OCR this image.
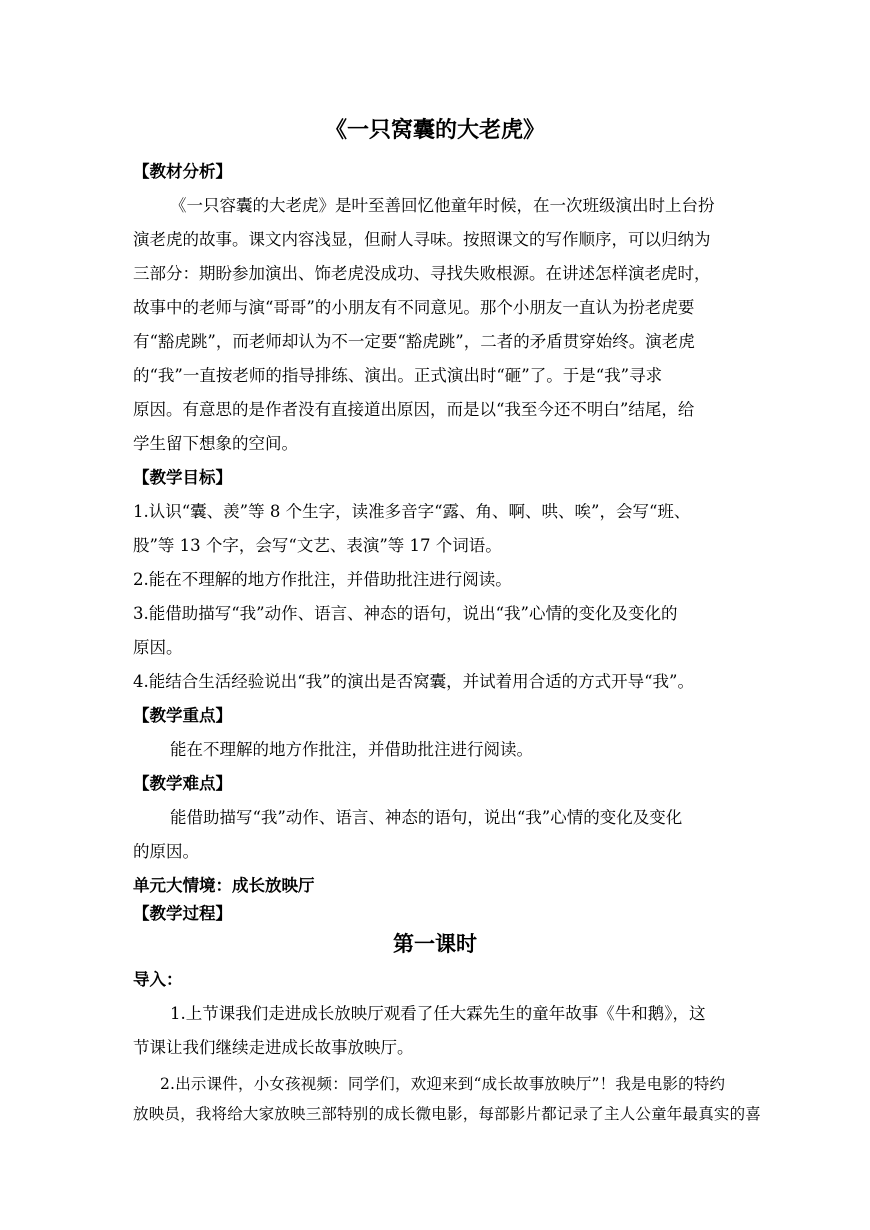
《一只窝囊的大老虎》
【教材分析】
《一只容囊的大老虎》是叶至善回忆他童年时候，在一次班级演出时上台扮
演老虎的故事。课文内容浅显，但耐人寻味。按照课文的写作顺序，可以归纳为
三部分：期盼参加演出、饰老虎没成功、寻找失败根源。在讲述怎样演老虎时，
故事中的老师与演“哥哥”的小朋友有不同意见。那个小朋友一直认为扮老虎要
有“豁虎跳”，而老师却认为不一定要“豁虎跳”，二者的矛盾贯穿始终。演老虎
的“我”一直按老师的指导排练、演出。正式演出时“砸”了。于是“我”寻求
原因。有意思的是作者没有直接道出原因，而是以“我至今还不明白”结尾，给
学生留下想象的空间。
【教学目标】
1.认识“囊、羡”等 8 个生字，读准多音字“露、角、啊、哄、唉”，会写“班、
股”等 13 个字，会写“文艺、表演”等 17 个词语。
2.能在不理解的地方作批注，并借助批注进行阅读。
3.能借助描写“我”动作、语言、神态的语句，说出“我”心情的变化及变化的
原因。
4.能结合生活经验说出“我”的演出是否窝囊，并试着用合适的方式开导“我”。
【教学重点】
能在不理解的地方作批注，并借助批注进行阅读。
【教学难点】
能借助描写“我”动作、语言、神态的语句，说出“我”心情的变化及变化
的原因。
单元大情境：成长放映厅
【教学过程】
第一课时
导入：
1.上节课我们走进成长放映厅观看了任大霖先生的童年故事《牛和鹅》，这
节课让我们继续走进成长故事放映厅。
2.出示课件，小女孩视频：同学们，欢迎来到“成长故事放映厅”！我是电影的特约
放映员，我将给大家放映三部特别的成长微电影，每部影片都记录了主人公童年最真实的喜
